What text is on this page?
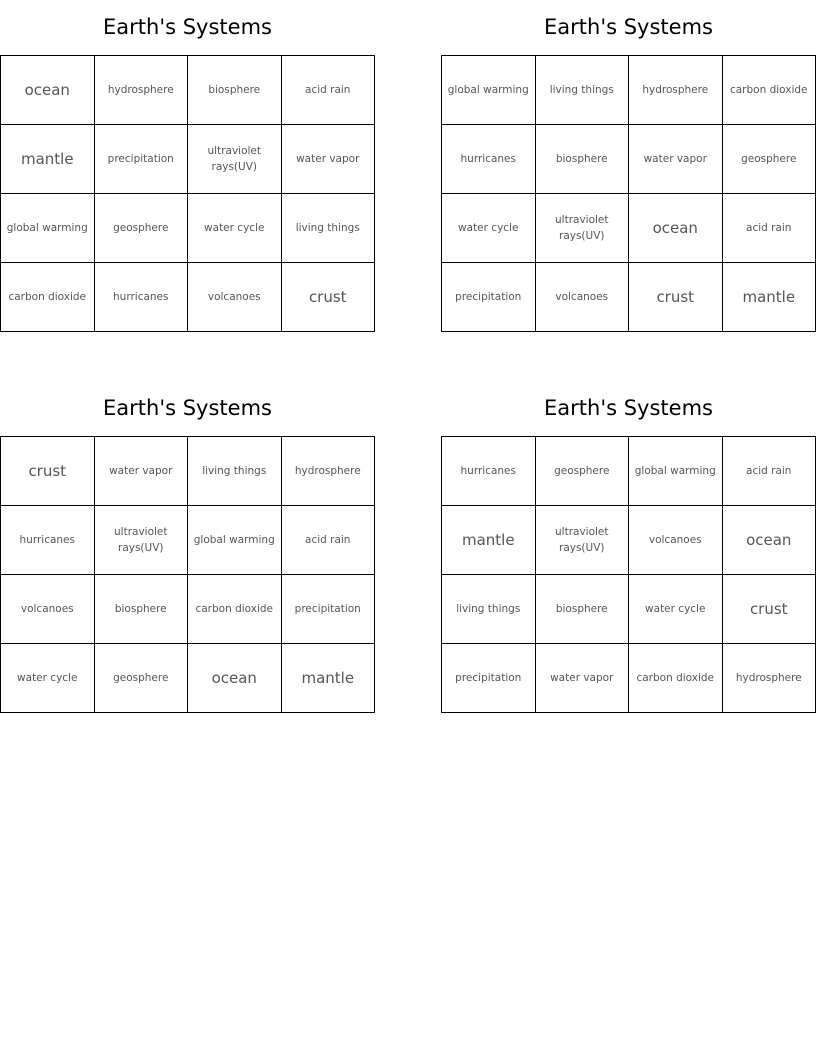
Earth's Systems
ocean	hydrosphere	biosphere	acid rain
mantle	precipitation	ultraviolet rays(UV)	water vapor
global warming	geosphere	water cycle	living things
carbon dioxide	hurricanes	volcanoes	crust
Earth's Systems
global warming	living things	hydrosphere	carbon dioxide
hurricanes	biosphere	water vapor	geosphere
water cycle	ultraviolet rays(UV)	ocean	acid rain
precipitation	volcanoes	crust	mantle
Earth's Systems
crust	water vapor	living things	hydrosphere
hurricanes	ultraviolet rays(UV)	global warming	acid rain
volcanoes	biosphere	carbon dioxide	precipitation
water cycle	geosphere	ocean	mantle
Earth's Systems
hurricanes	geosphere	global warming	acid rain
mantle	ultraviolet rays(UV)	volcanoes	ocean
living things	biosphere	water cycle	crust
precipitation	water vapor	carbon dioxide	hydrosphere
